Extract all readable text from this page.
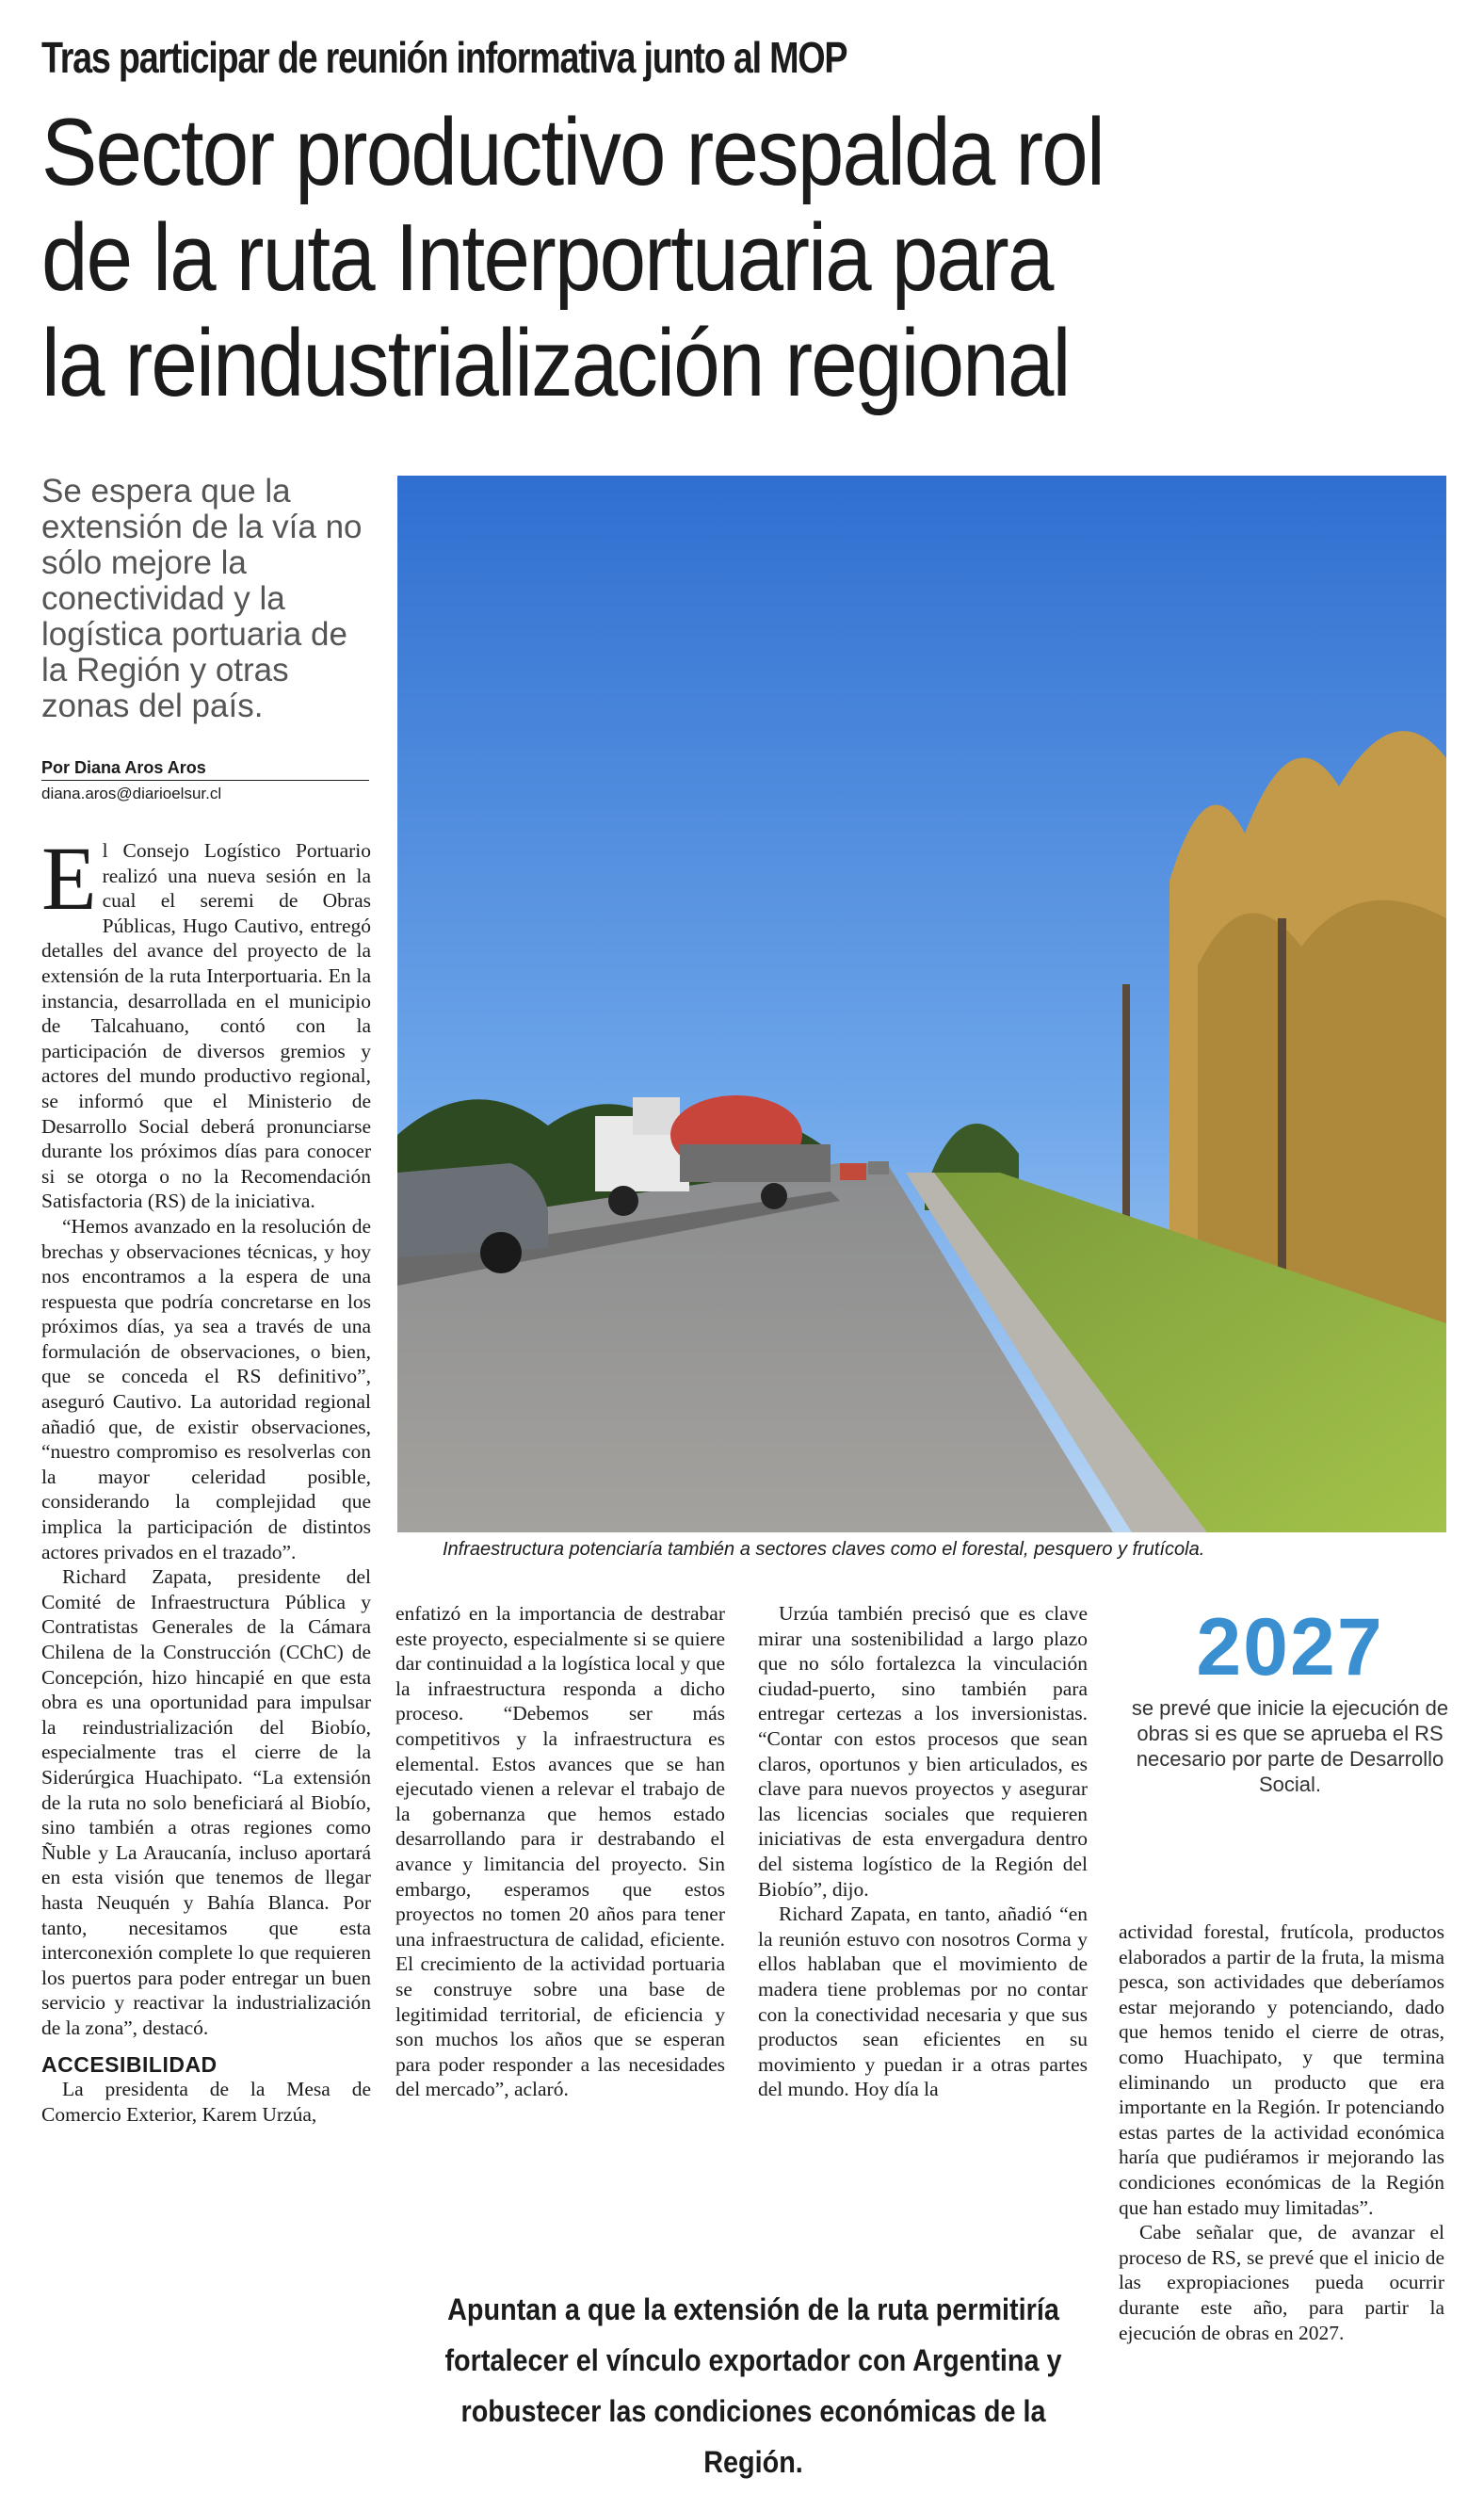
Tras participar de reunión informativa junto al MOP
Sector productivo respalda rol
de la ruta Interportuaria para
la reindustrialización regional
Se espera que la extensión de la vía no sólo mejore la conectividad y la logística portuaria de la Región y otras zonas del país.
Por Diana Aros Aros
diana.aros@diarioelsur.cl
Infraestructura potenciaría también a sectores claves como el forestal, pesquero y frutícola.

El Consejo Logístico Portuario realizó una nueva sesión en la cual el seremi de Obras Públicas, Hugo Cautivo, entregó detalles del avance del proyecto de la extensión de la ruta Interportuaria. En la instancia, desarrollada en el municipio de Talcahuano, contó con la participación de diversos gremios y actores del mundo productivo regional, se informó que el Ministerio de Desarrollo Social deberá pronunciarse durante los próximos días para conocer si se otorga o no la Recomendación Satisfactoria (RS) de la iniciativa.

“Hemos avanzado en la resolución de brechas y observaciones técnicas, y hoy nos encontramos a la espera de una respuesta que podría concretarse en los próximos días, ya sea a través de una formulación de observaciones, o bien, que se conceda el RS definitivo”, aseguró Cautivo. La autoridad regional añadió que, de existir observaciones, “nuestro compromiso es resolverlas con la mayor celeridad posible, considerando la complejidad que implica la participación de distintos actores privados en el trazado”.

Richard Zapata, presidente del Comité de Infraestructura Pública y Contratistas Generales de la Cámara Chilena de la Construcción (CChC) de Concepción, hizo hincapié en que esta obra es una oportunidad para impulsar la reindustrialización del Biobío, especialmente tras el cierre de la Siderúrgica Huachipato. “La extensión de la ruta no solo beneficiará al Biobío, sino también a otras regiones como Ñuble y La Araucanía, incluso aportará en esta visión que tenemos de llegar hasta Neuquén y Bahía Blanca. Por tanto, necesitamos que esta interconexión complete lo que requieren los puertos para poder entregar un buen servicio y reactivar la industrialización de la zona”, destacó.

ACCESIBILIDAD

La presidenta de la Mesa de Comercio Exterior, Karem Urzúa,

enfatizó en la importancia de destrabar este proyecto, especialmente si se quiere dar continuidad a la logística local y que la infraestructura responda a dicho proceso. “Debemos ser más competitivos y la infraestructura es elemental. Estos avances que se han ejecutado vienen a relevar el trabajo de la gobernanza que hemos estado desarrollando para ir destrabando el avance y limitancia del proyecto. Sin embargo, esperamos que estos proyectos no tomen 20 años para tener una infraestructura de calidad, eficiente. El crecimiento de la actividad portuaria se construye sobre una base de legitimidad territorial, de eficiencia y son muchos los años que se esperan para poder responder a las necesidades del mercado”, aclaró.

Urzúa también precisó que es clave mirar una sostenibilidad a largo plazo que no sólo fortalezca la vinculación ciudad-puerto, sino también para entregar certezas a los inversionistas. “Contar con estos procesos que sean claros, oportunos y bien articulados, es clave para nuevos proyectos y asegurar las licencias sociales que requieren iniciativas de esta envergadura dentro del sistema logístico de la Región del Biobío”, dijo.

Richard Zapata, en tanto, añadió “en la reunión estuvo con nosotros Corma y ellos hablaban que el movimiento de madera tiene problemas por no contar con la conectividad necesaria y que sus productos sean eficientes en su movimiento y puedan ir a otras partes del mundo. Hoy día la

2027
se prevé que inicie la ejecución de obras si es que se aprueba el RS necesario por parte de Desarrollo Social.

actividad forestal, frutícola, productos elaborados a partir de la fruta, la misma pesca, son actividades que deberíamos estar mejorando y potenciando, dado que hemos tenido el cierre de otras, como Huachipato, y que termina eliminando un producto que era importante en la Región. Ir potenciando estas partes de la actividad económica haría que pudiéramos ir mejorando las condiciones económicas de la Región que han estado muy limitadas”.

Cabe señalar que, de avanzar el proceso de RS, se prevé que el inicio de las expropiaciones pueda ocurrir durante este año, para partir la ejecución de obras en 2027.

Apuntan a que la extensión de la ruta permitiría fortalecer el vínculo exportador con Argentina y robustecer las condiciones económicas de la Región.
